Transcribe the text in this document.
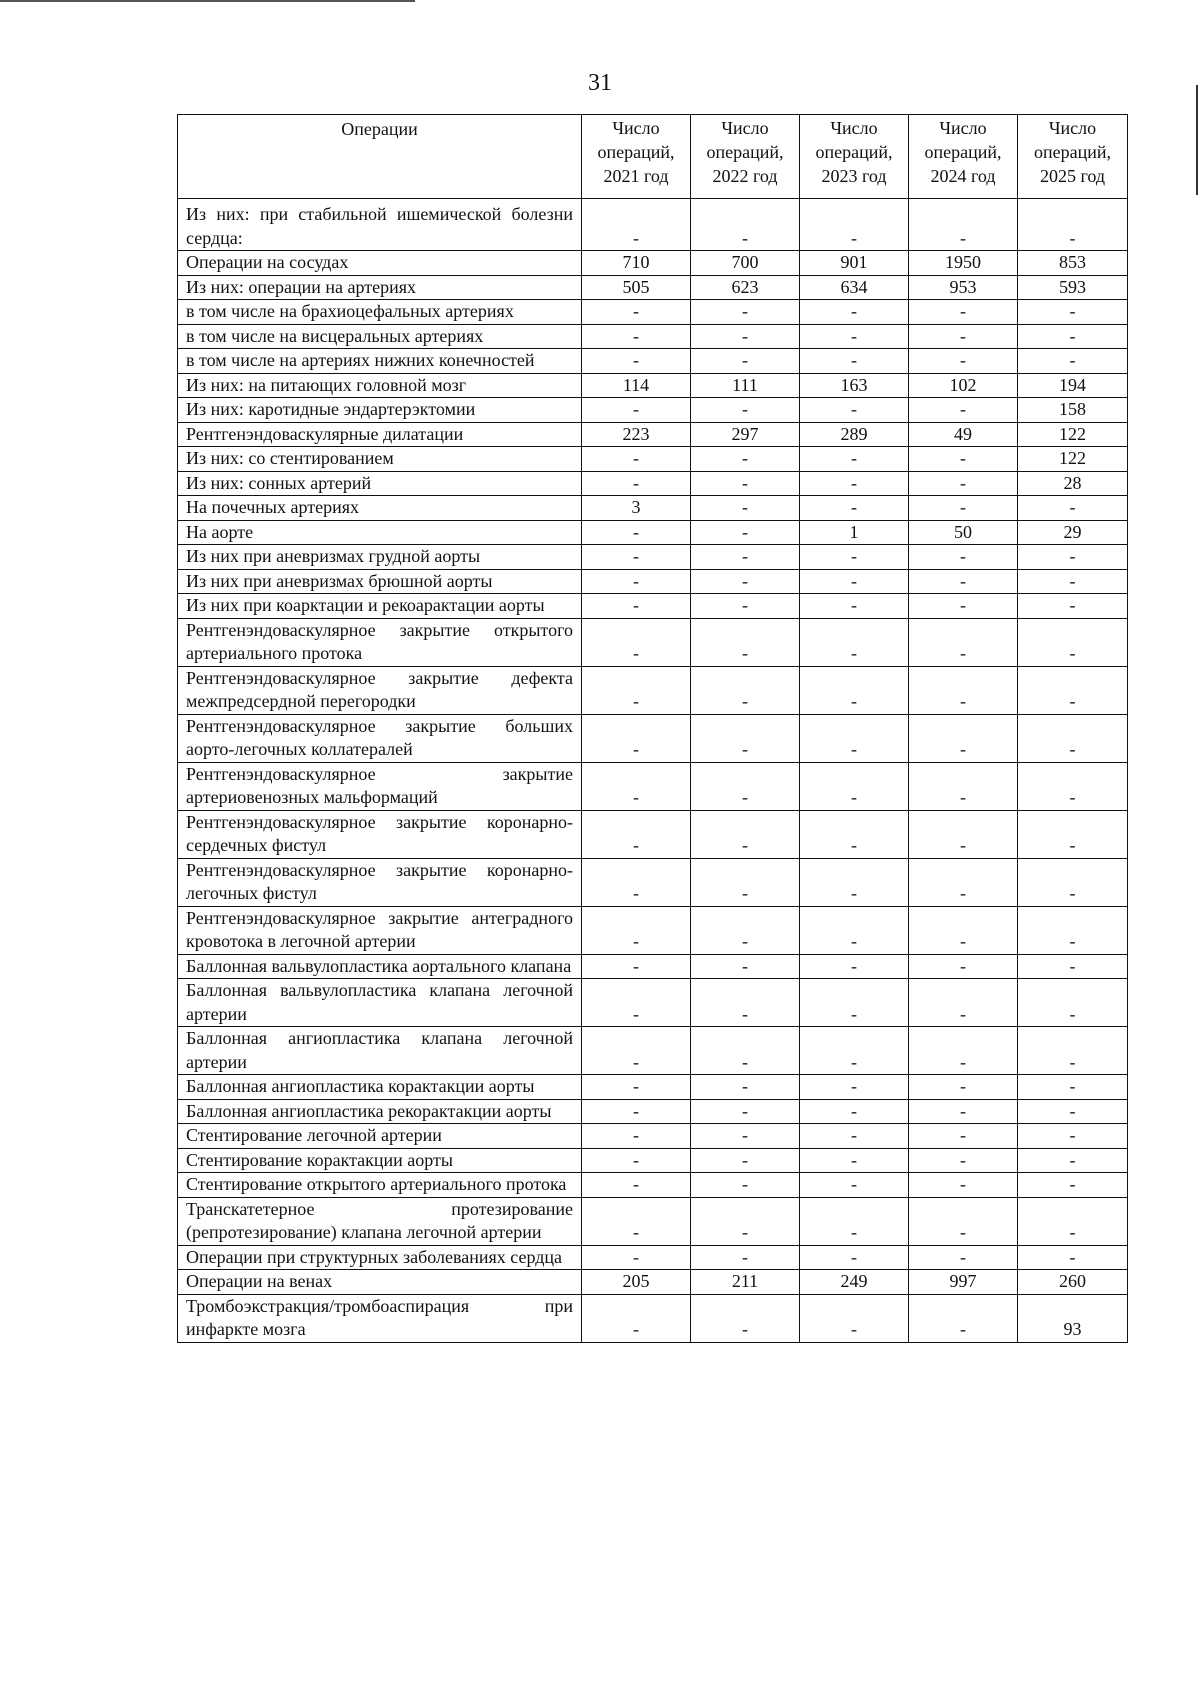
31
Операции	Число операций, 2021 год	Число операций, 2022 год	Число операций, 2023 год	Число операций, 2024 год	Число операций, 2025 год
Из них: при стабильной ишемической болезни сердца:	-	-	-	-	-
Операции на сосудах	710	700	901	1950	853
Из них: операции на артериях	505	623	634	953	593
в том числе на брахиоцефальных артериях	-	-	-	-	-
в том числе на висцеральных артериях	-	-	-	-	-
в том числе на артериях нижних конечностей	-	-	-	-	-
Из них: на питающих головной мозг	114	111	163	102	194
Из них: каротидные эндартерэктомии	-	-	-	-	158
Рентгенэндоваскулярные дилатации	223	297	289	49	122
Из них: со стентированием	-	-	-	-	122
Из них: сонных артерий	-	-	-	-	28
На почечных артериях	3	-	-	-	-
На аорте	-	-	1	50	29
Из них при аневризмах грудной аорты	-	-	-	-	-
Из них при аневризмах брюшной аорты	-	-	-	-	-
Из них при коарктации и рекоарактации аорты	-	-	-	-	-
Рентгенэндоваскулярное закрытие открытого артериального протока	-	-	-	-	-
Рентгенэндоваскулярное закрытие дефекта межпредсердной перегородки	-	-	-	-	-
Рентгенэндоваскулярное закрытие больших аорто-легочных коллатералей	-	-	-	-	-
Рентгенэндоваскулярное закрытие артериовенозных мальформаций	-	-	-	-	-
Рентгенэндоваскулярное закрытие коронарно-сердечных фистул	-	-	-	-	-
Рентгенэндоваскулярное закрытие коронарно-легочных фистул	-	-	-	-	-
Рентгенэндоваскулярное закрытие антеградного кровотока в легочной артерии	-	-	-	-	-
Баллонная вальвулопластика аортального клапана	-	-	-	-	-
Баллонная вальвулопластика клапана легочной артерии	-	-	-	-	-
Баллонная ангиопластика клапана легочной артерии	-	-	-	-	-
Баллонная ангиопластика корактакции аорты	-	-	-	-	-
Баллонная ангиопластика рекорактакции аорты	-	-	-	-	-
Стентирование легочной артерии	-	-	-	-	-
Стентирование корактакции аорты	-	-	-	-	-
Стентирование открытого артериального протока	-	-	-	-	-
Транскатетерное протезирование (репротезирование) клапана легочной артерии	-	-	-	-	-
Операции при структурных заболеваниях сердца	-	-	-	-	-
Операции на венах	205	211	249	997	260
Тромбоэкстракция/тромбоаспирация при инфаркте мозга	-	-	-	-	93
